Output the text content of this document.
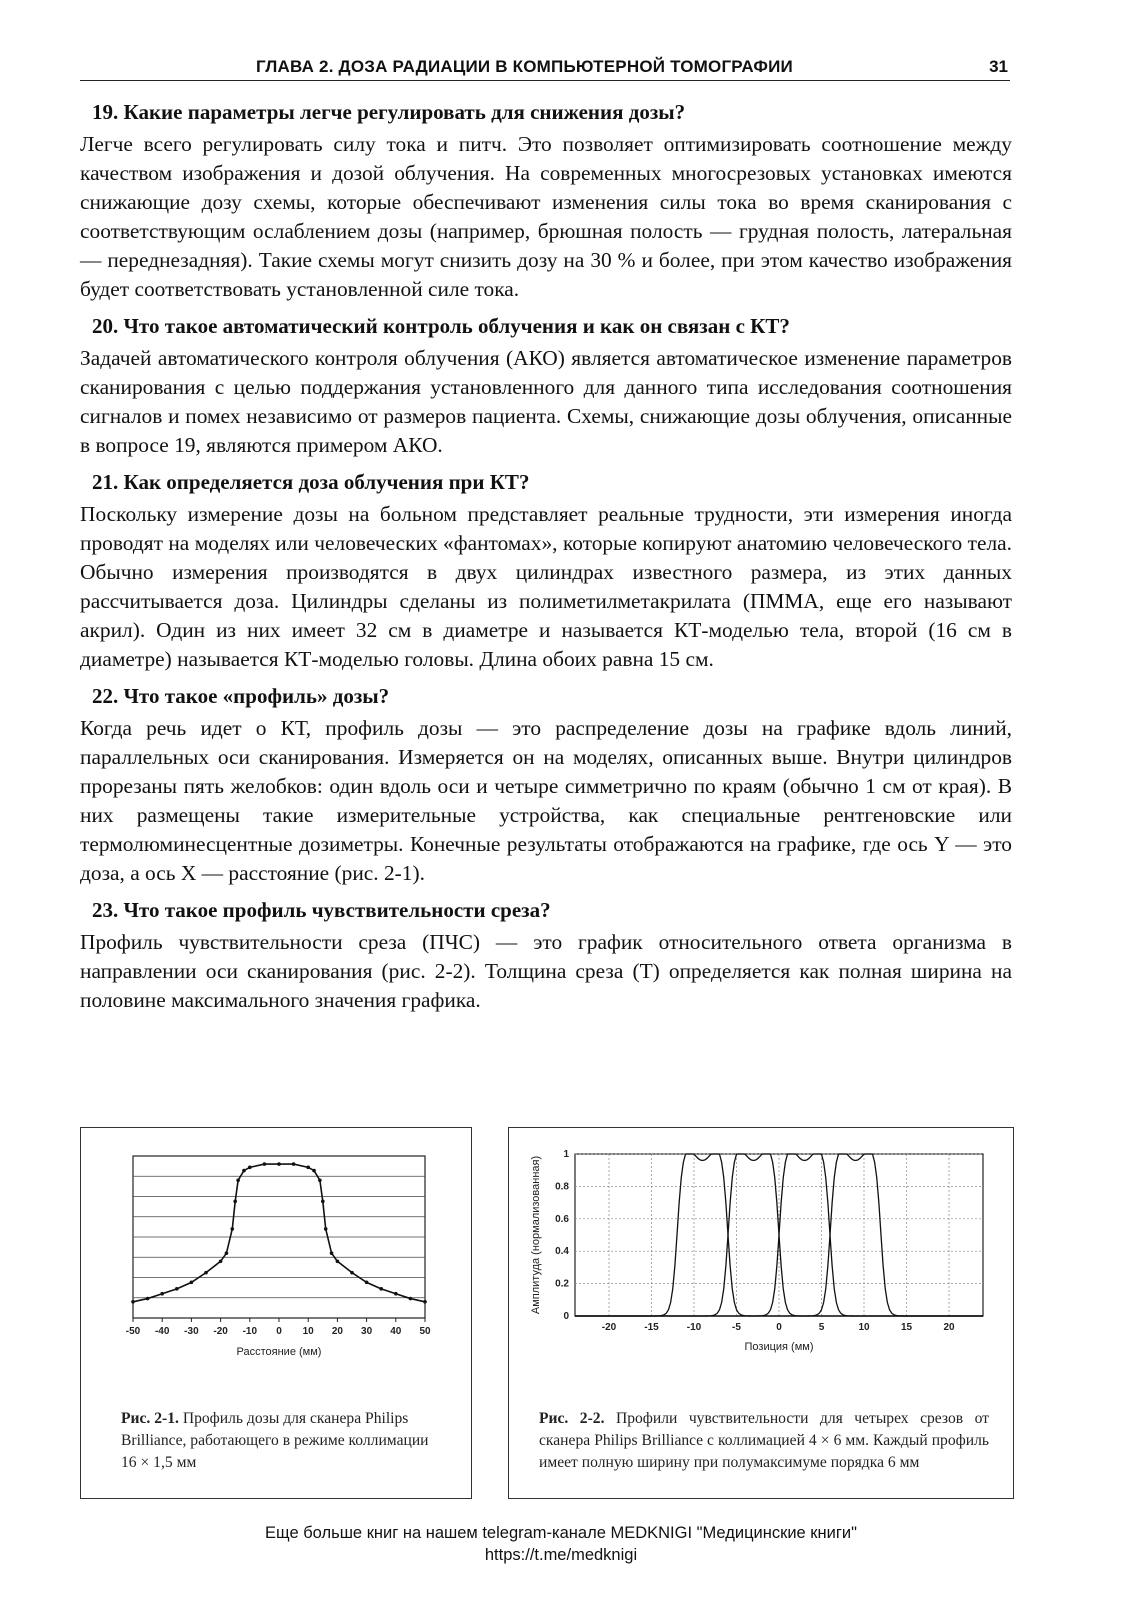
ГЛАВА 2. ДОЗА РАДИАЦИИ В КОМПЬЮТЕРНОЙ ТОМОГРАФИИ	31
19. Какие параметры легче регулировать для снижения дозы?
Легче всего регулировать силу тока и питч. Это позволяет оптимизировать соотношение между качеством изображения и дозой облучения. На современных многосрезовых установках имеются снижающие дозу схемы, которые обеспечивают изменения силы тока во время сканирования с соответствующим ослаблением дозы (например, брюшная полость — грудная полость, латеральная — переднезадняя). Такие схемы могут снизить дозу на 30 % и более, при этом качество изображения будет соответствовать установленной силе тока.
20. Что такое автоматический контроль облучения и как он связан с КТ?
Задачей автоматического контроля облучения (АКО) является автоматическое изменение параметров сканирования с целью поддержания установленного для данного типа исследования соотношения сигналов и помех независимо от размеров пациента. Схемы, снижающие дозы облучения, описанные в вопросе 19, являются примером АКО.
21. Как определяется доза облучения при КТ?
Поскольку измерение дозы на больном представляет реальные трудности, эти измерения иногда проводят на моделях или человеческих «фантомах», которые копируют анатомию человеческого тела. Обычно измерения производятся в двух цилиндрах известного размера, из этих данных рассчитывается доза. Цилиндры сделаны из полиметилметакрилата (ПММА, еще его называют акрил). Один из них имеет 32 см в диаметре и называется КТ-моделью тела, второй (16 см в диаметре) называется КТ-моделью головы. Длина обоих равна 15 см.
22. Что такое «профиль» дозы?
Когда речь идет о КТ, профиль дозы — это распределение дозы на графике вдоль линий, параллельных оси сканирования. Измеряется он на моделях, описанных выше. Внутри цилиндров прорезаны пять желобков: один вдоль оси и четыре симметрично по краям (обычно 1 см от края). В них размещены такие измерительные устройства, как специальные рентгеновские или термолюминесцентные дозиметры. Конечные результаты отображаются на графике, где ось Y — это доза, а ось X — расстояние (рис. 2-1).
23. Что такое профиль чувствительности среза?
Профиль чувствительности среза (ПЧС) — это график относительного ответа организма в направлении оси сканирования (рис. 2-2). Толщина среза (Т) определяется как полная ширина на половине максимального значения графика.
-50 -40 -30 -20 -10 0 10 20 30 40 50
Расстояние (мм)
Рис. 2-1. Профиль дозы для сканера Philips Brilliance, работающего в режиме коллимации 16 × 1,5 мм
0
0.2
0.4
0.6
0.8
1
-20	-15	-10	-5	0	5	10	15	20
Позиция (мм)
Амплитуда (нормализованная)
Рис. 2-2. Профили чувствительности для четырех срезов от сканера Philips Brilliance с коллимацией 4 × 6 мм. Каждый профиль имеет полную ширину при полумаксимуме порядка 6 мм
Еще больше книг на нашем telegram-канале MEDKNIGI "Медицинские книги"
https://t.me/medknigi
